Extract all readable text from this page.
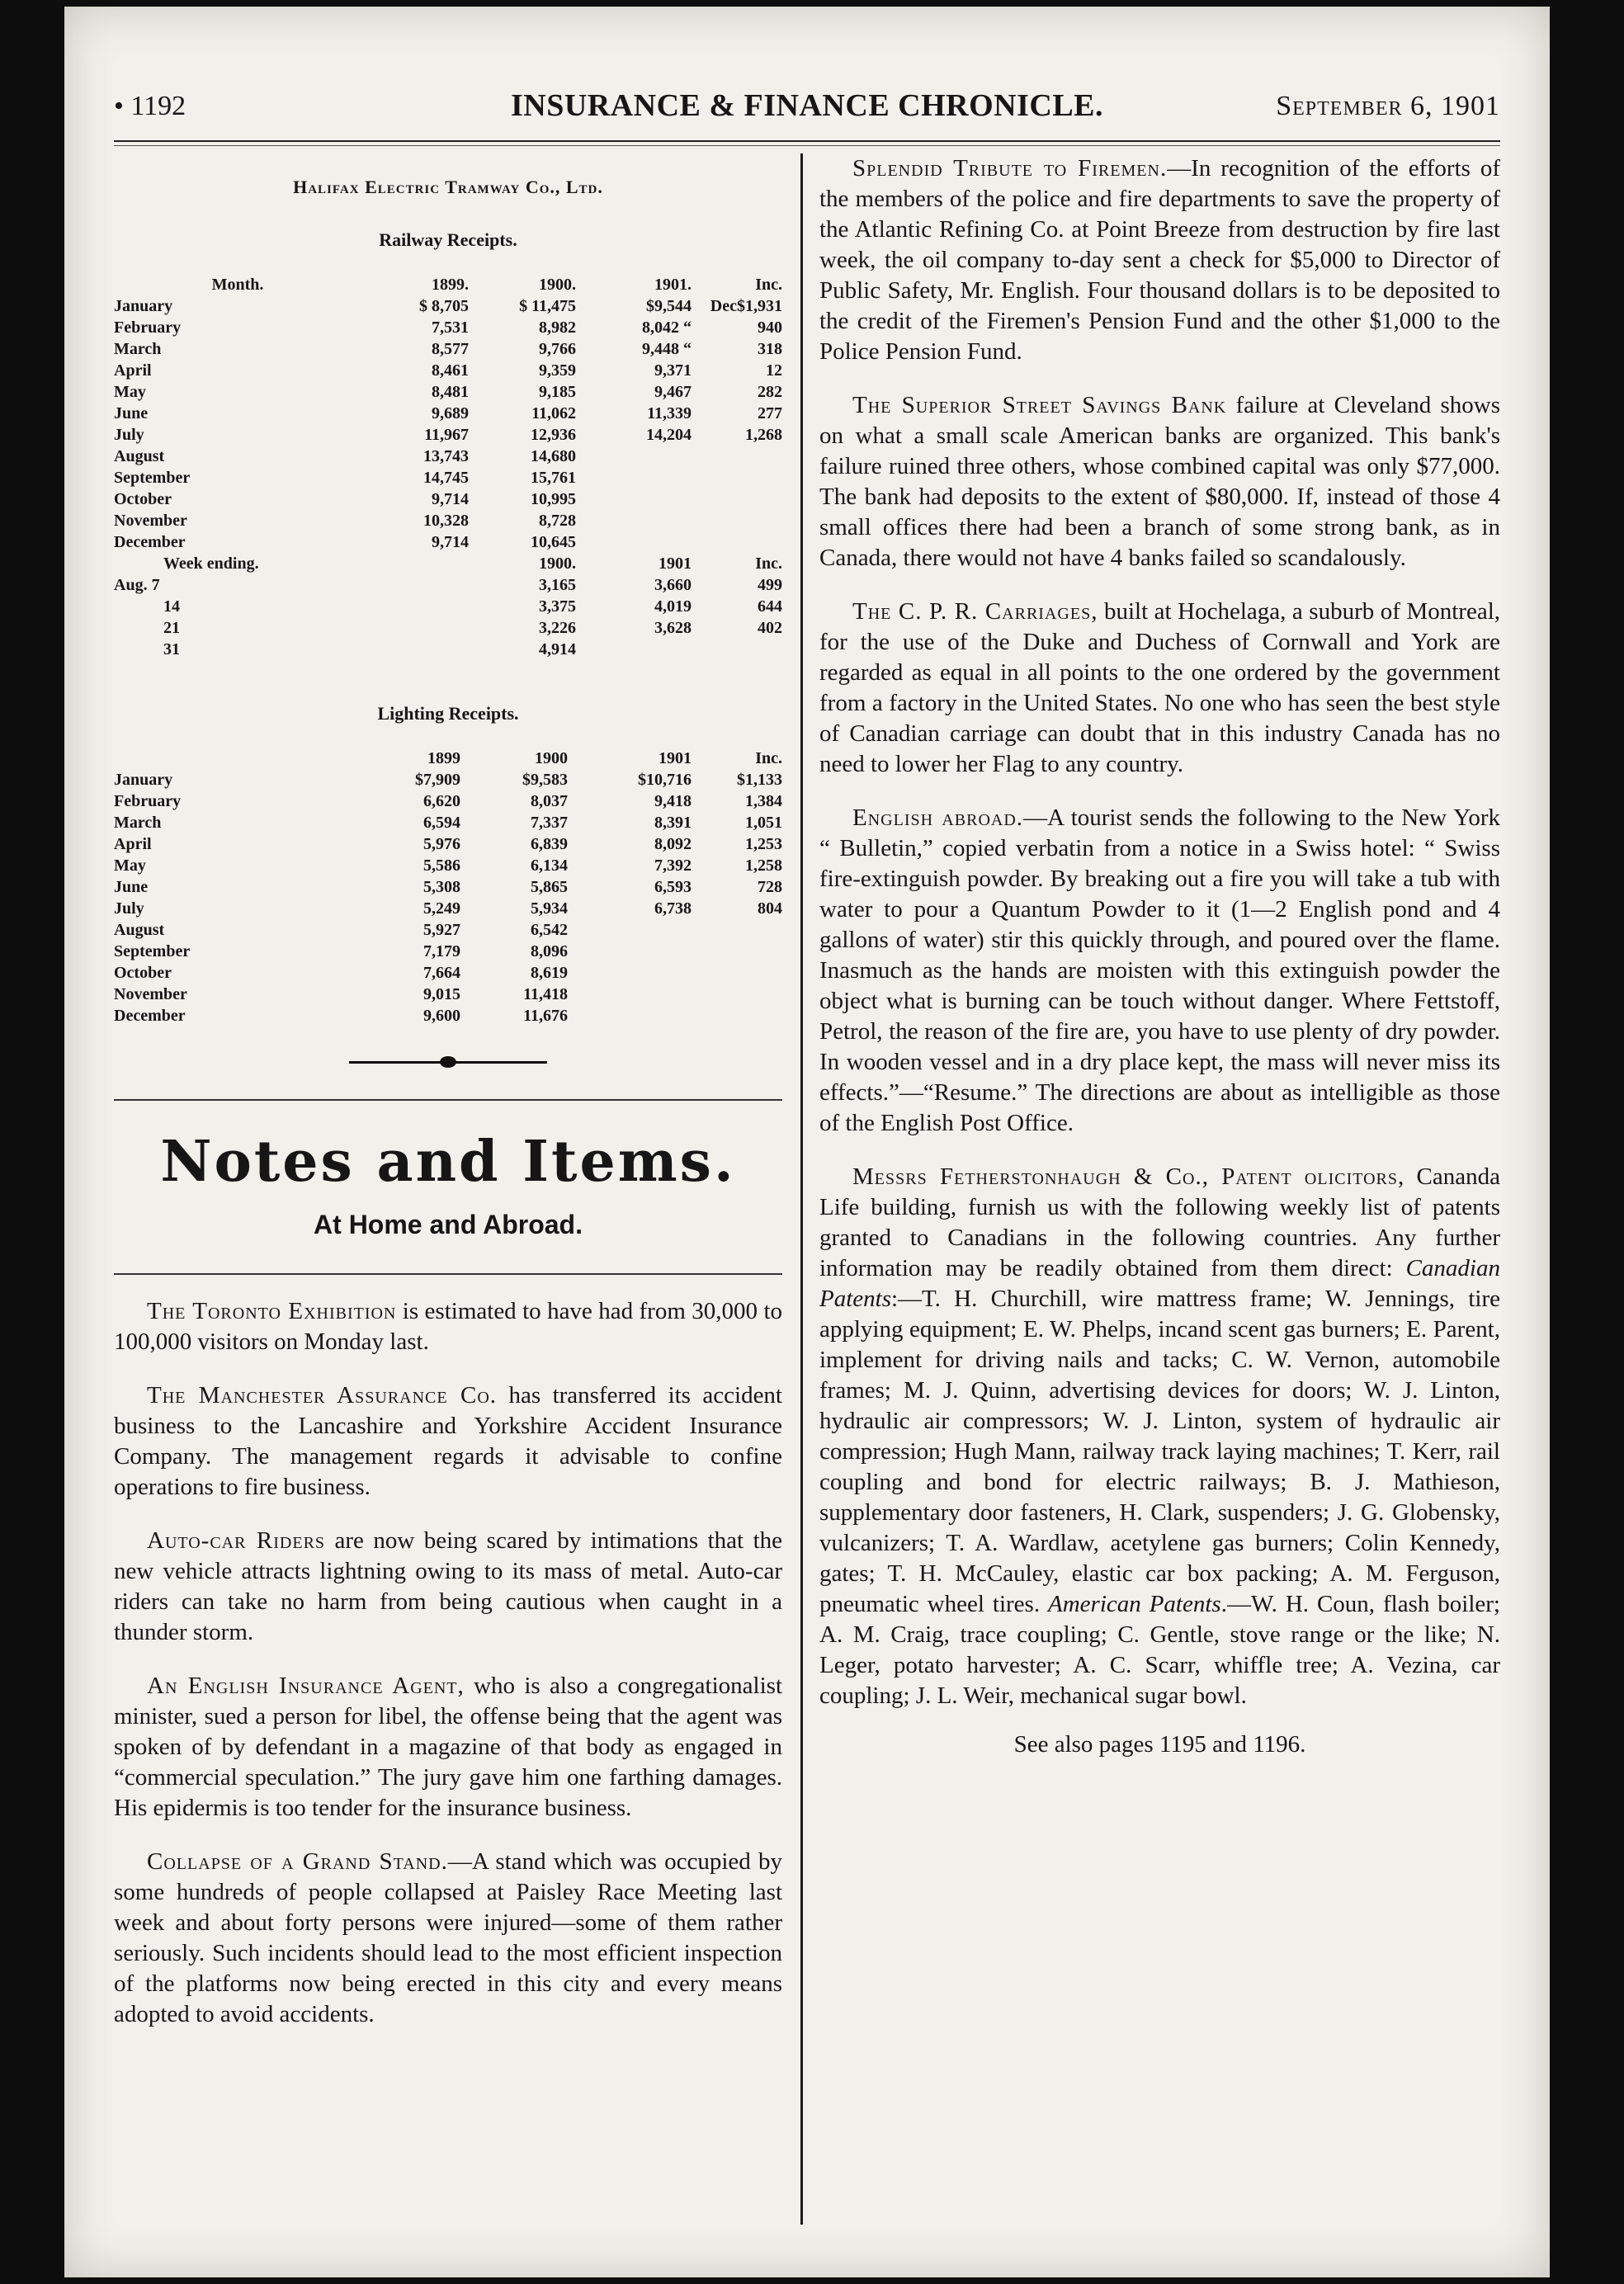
• 1192	INSURANCE & FINANCE CHRONICLE.	September 6, 1901
Halifax Electric Tramway Co., Ltd.
Railway Receipts.
Month.	1899.	1900.	1901.	Inc.
January	$ 8,705	$ 11,475	$9,544	Dec$1,931
February	7,531	8,982	8,042 “	940
March	8,577	9,766	9,448 “	318
April	8,461	9,359	9,371	12
May	8,481	9,185	9,467	282
June	9,689	11,062	11,339	277
July	11,967	12,936	14,204	1,268
August	13,743	14,680		
September	14,745	15,761		
October	9,714	10,995		
November	10,328	8,728		
December	9,714	10,645		
Week ending.		1900.	1901	Inc.
Aug. 7		3,165	3,660	499
14		3,375	4,019	644
21		3,226	3,628	402
31		4,914		
Lighting Receipts.
	1899	1900	1901	Inc.
January	$7,909	$9,583	$10,716	$1,133
February	6,620	8,037	9,418	1,384
March	6,594	7,337	8,391	1,051
April	5,976	6,839	8,092	1,253
May	5,586	6,134	7,392	1,258
June	5,308	5,865	6,593	728
July	5,249	5,934	6,738	804
August	5,927	6,542		
September	7,179	8,096		
October	7,664	8,619		
November	9,015	11,418		
December	9,600	11,676		
Notes and Items.
At Home and Abroad.

The Toronto Exhibition is estimated to have had from 30,000 to 100,000 visitors on Monday last.

The Manchester Assurance Co. has transferred its accident business to the Lancashire and Yorkshire Accident Insurance Company. The management regards it advisable to confine operations to fire business.

Auto-car Riders are now being scared by intimations that the new vehicle attracts lightning owing to its mass of metal. Auto-car riders can take no harm from being cautious when caught in a thunder storm.

An English Insurance Agent, who is also a congregationalist minister, sued a person for libel, the offense being that the agent was spoken of by defendant in a magazine of that body as engaged in “commercial speculation.” The jury gave him one farthing damages. His epidermis is too tender for the insurance business.

Collapse of a Grand Stand.—A stand which was occupied by some hundreds of people collapsed at Paisley Race Meeting last week and about forty persons were injured—some of them rather seriously. Such incidents should lead to the most efficient inspection of the platforms now being erected in this city and every means adopted to avoid accidents.

Splendid Tribute to Firemen.—In recognition of the efforts of the members of the police and fire departments to save the property of the Atlantic Refining Co. at Point Breeze from destruction by fire last week, the oil company to-day sent a check for $5,000 to Director of Public Safety, Mr. English. Four thousand dollars is to be deposited to the credit of the Firemen's Pension Fund and the other $1,000 to the Police Pension Fund.

The Superior Street Savings Bank failure at Cleveland shows on what a small scale American banks are organized. This bank's failure ruined three others, whose combined capital was only $77,000. The bank had deposits to the extent of $80,000. If, instead of those 4 small offices there had been a branch of some strong bank, as in Canada, there would not have 4 banks failed so scandalously.

The C. P. R. Carriages, built at Hochelaga, a suburb of Montreal, for the use of the Duke and Duchess of Cornwall and York are regarded as equal in all points to the one ordered by the government from a factory in the United States. No one who has seen the best style of Canadian carriage can doubt that in this industry Canada has no need to lower her Flag to any country.

English abroad.—A tourist sends the following to the New York “ Bulletin,” copied verbatin from a notice in a Swiss hotel: “ Swiss fire-extinguish powder. By breaking out a fire you will take a tub with water to pour a Quantum Powder to it (1—2 English pond and 4 gallons of water) stir this quickly through, and poured over the flame. Inasmuch as the hands are moisten with this extinguish powder the object what is burning can be touch without danger. Where Fettstoff, Petrol, the reason of the fire are, you have to use plenty of dry powder. In wooden vessel and in a dry place kept, the mass will never miss its effects.”—“Resume.” The directions are about as intelligible as those of the English Post Office.

Messrs Fetherstonhaugh & Co., Patent olicitors, Cananda Life building, furnish us with the following weekly list of patents granted to Canadians in the following countries. Any further information may be readily obtained from them direct: Canadian Patents:—T. H. Churchill, wire mattress frame; W. Jennings, tire applying equipment; E. W. Phelps, incand scent gas burners; E. Parent, implement for driving nails and tacks; C. W. Vernon, automobile frames; M. J. Quinn, advertising devices for doors; W. J. Linton, hydraulic air compressors; W. J. Linton, system of hydraulic air compression; Hugh Mann, railway track laying machines; T. Kerr, rail coupling and bond for electric railways; B. J. Mathieson, supplementary door fasteners, H. Clark, suspenders; J. G. Globensky, vulcanizers; T. A. Wardlaw, acetylene gas burners; Colin Kennedy, gates; T. H. McCauley, elastic car box packing; A. M. Ferguson, pneumatic wheel tires. American Patents.—W. H. Coun, flash boiler; A. M. Craig, trace coupling; C. Gentle, stove range or the like; N. Leger, potato harvester; A. C. Scarr, whiffle tree; A. Vezina, car coupling; J. L. Weir, mechanical sugar bowl.

See also pages 1195 and 1196.
